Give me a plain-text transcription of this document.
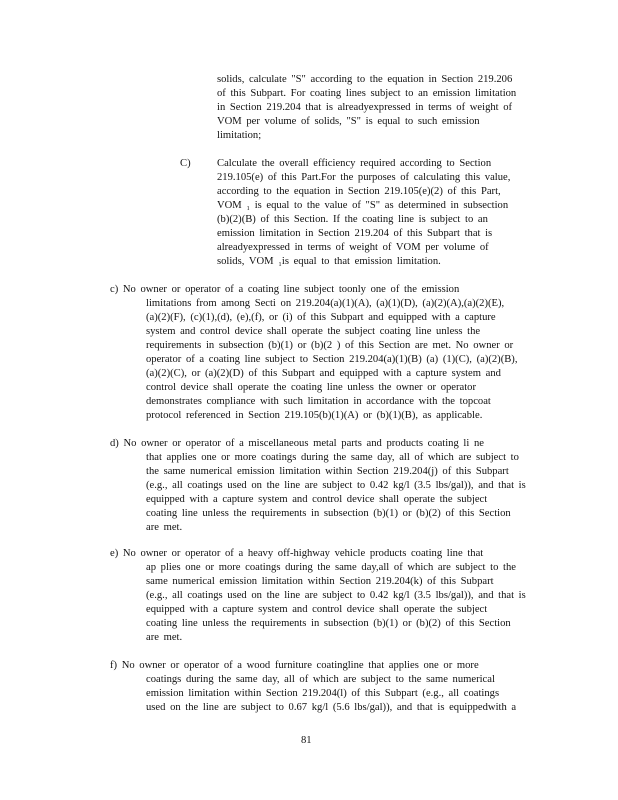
solids, calculate "S" according to the equation in Section 219.206
of this Subpart. For coating lines subject to an emission limitation
in Section 219.204 that is alreadyexpressed in terms of weight of
VOM per volume of solids, "S" is equal to such emission
limitation;
C) Calculate the overall efficiency required according to Section
219.105(e) of this Part.For the purposes of calculating this value,
according to the equation in Section 219.105(e)(2) of this Part,
VOM ₁ is equal to the value of "S" as determined in subsection
(b)(2)(B) of this Section. If the coating line is subject to an
emission limitation in Section 219.204 of this Subpart that is
alreadyexpressed in terms of weight of VOM per volume of
solids, VOM ₁is equal to that emission limitation.
c) No owner or operator of a coating line subject toonly one of the emission
limitations from among Secti on 219.204(a)(1)(A), (a)(1)(D), (a)(2)(A),(a)(2)(E),
(a)(2)(F), (c)(1),(d), (e),(f), or (i) of this Subpart and equipped with a capture
system and control device shall operate the subject coating line unless the
requirements in subsection (b)(1) or (b)(2 ) of this Section are met. No owner or
operator of a coating line subject to Section 219.204(a)(1)(B) (a) (1)(C), (a)(2)(B),
(a)(2)(C), or (a)(2)(D) of this Subpart and equipped with a capture system and
control device shall operate the coating line unless the owner or operator
demonstrates compliance with such limitation in accordance with the topcoat
protocol referenced in Section 219.105(b)(1)(A) or (b)(1)(B), as applicable.
d) No owner or operator of a miscellaneous metal parts and products coating li ne
that applies one or more coatings during the same day, all of which are subject to
the same numerical emission limitation within Section 219.204(j) of this Subpart
(e.g., all coatings used on the line are subject to 0.42 kg/l (3.5 lbs/gal)), and that is
equipped with a capture system and control device shall operate the subject
coating line unless the requirements in subsection (b)(1) or (b)(2) of this Section
are met.
e) No owner or operator of a heavy off-highway vehicle products coating line that
ap plies one or more coatings during the same day,all of which are subject to the
same numerical emission limitation within Section 219.204(k) of this Subpart
(e.g., all coatings used on the line are subject to 0.42 kg/l (3.5 lbs/gal)), and that is
equipped with a capture system and control device shall operate the subject
coating line unless the requirements in subsection (b)(1) or (b)(2) of this Section
are met.
f) No owner or operator of a wood furniture coatingline that applies one or more
coatings during the same day, all of which are subject to the same numerical
emission limitation within Section 219.204(l) of this Subpart (e.g., all coatings
used on the line are subject to 0.67 kg/l (5.6 lbs/gal)), and that is equippedwith a
81
